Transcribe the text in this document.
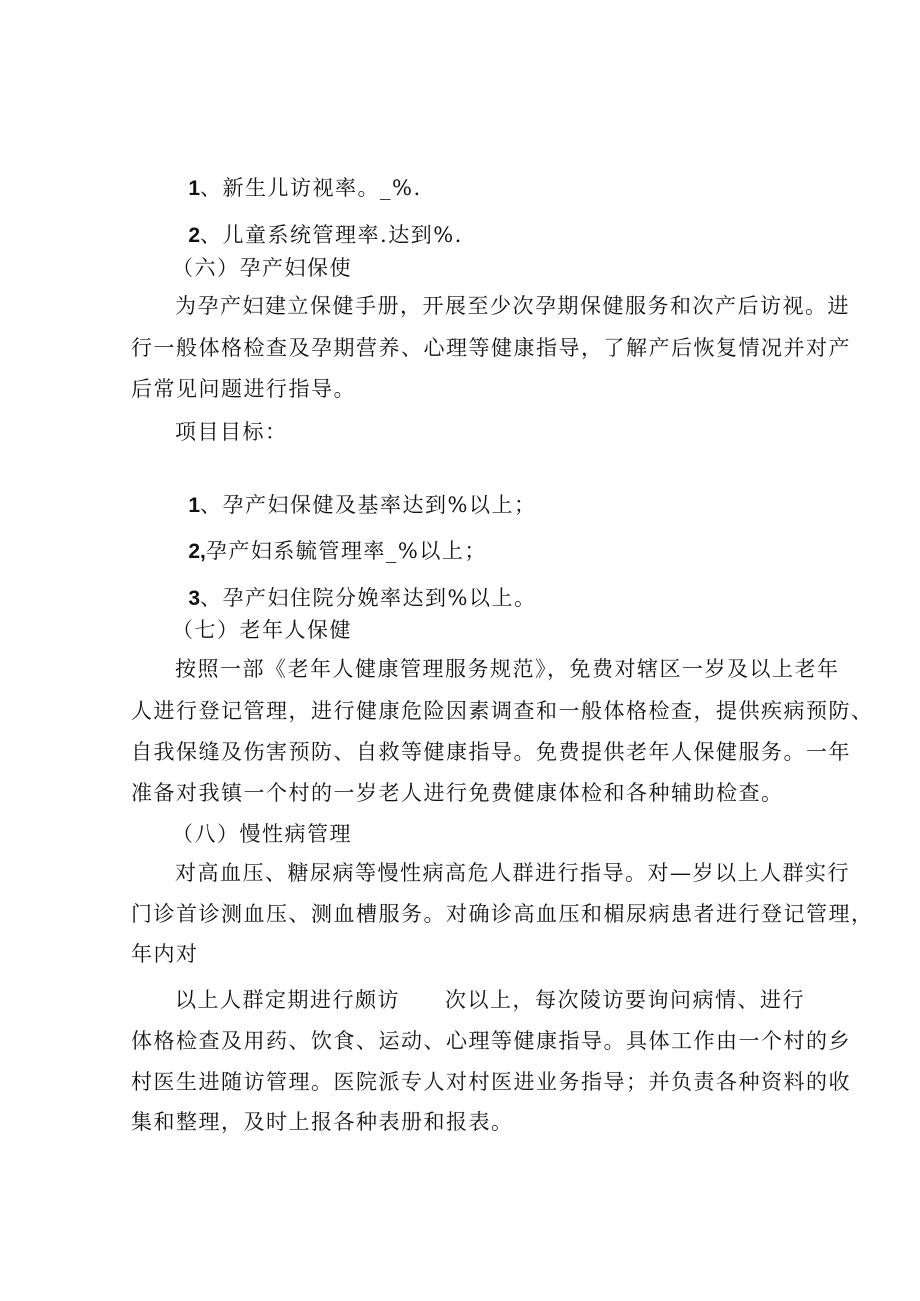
1、新生儿访视率。_%.

2、儿童系统管理率.达到%.

（六）孕产妇保使
为孕产妇建立保健手册，开展至少次孕期保健服务和次产后访视。进
行一般体格检查及孕期营养、心理等健康指导，了解产后恢复情况并对产
后常见问题进行指导。
项目目标：

1、孕产妇保健及基率达到%以上；

2,孕产妇系毓管理率_%以上；

3、孕产妇住院分娩率达到%以上。

（七）老年人保健
按照一部《老年人健康管理服务规范》，免费对辖区一岁及以上老年
人进行登记管理，进行健康危险因素调查和一般体格检查，提供疾病预防、
自我保缝及伤害预防、自救等健康指导。免费提供老年人保健服务。一年
准备对我镇一个村的一岁老人进行免费健康体检和各种辅助检查。
（八）慢性病管理
对高血压、糖尿病等慢性病高危人群进行指导。对—岁以上人群实行
门诊首诊测血压、测血槽服务。对确诊高血压和楣尿病患者进行登记管理，
年内对
以上人群定期进行颇访　　次以上，每次陵访要询问病情、进行
体格检查及用药、饮食、运动、心理等健康指导。具体工作由一个村的乡
村医生进随访管理。医院派专人对村医进业务指导；并负责各种资料的收
集和整理，及时上报各种表册和报表。
